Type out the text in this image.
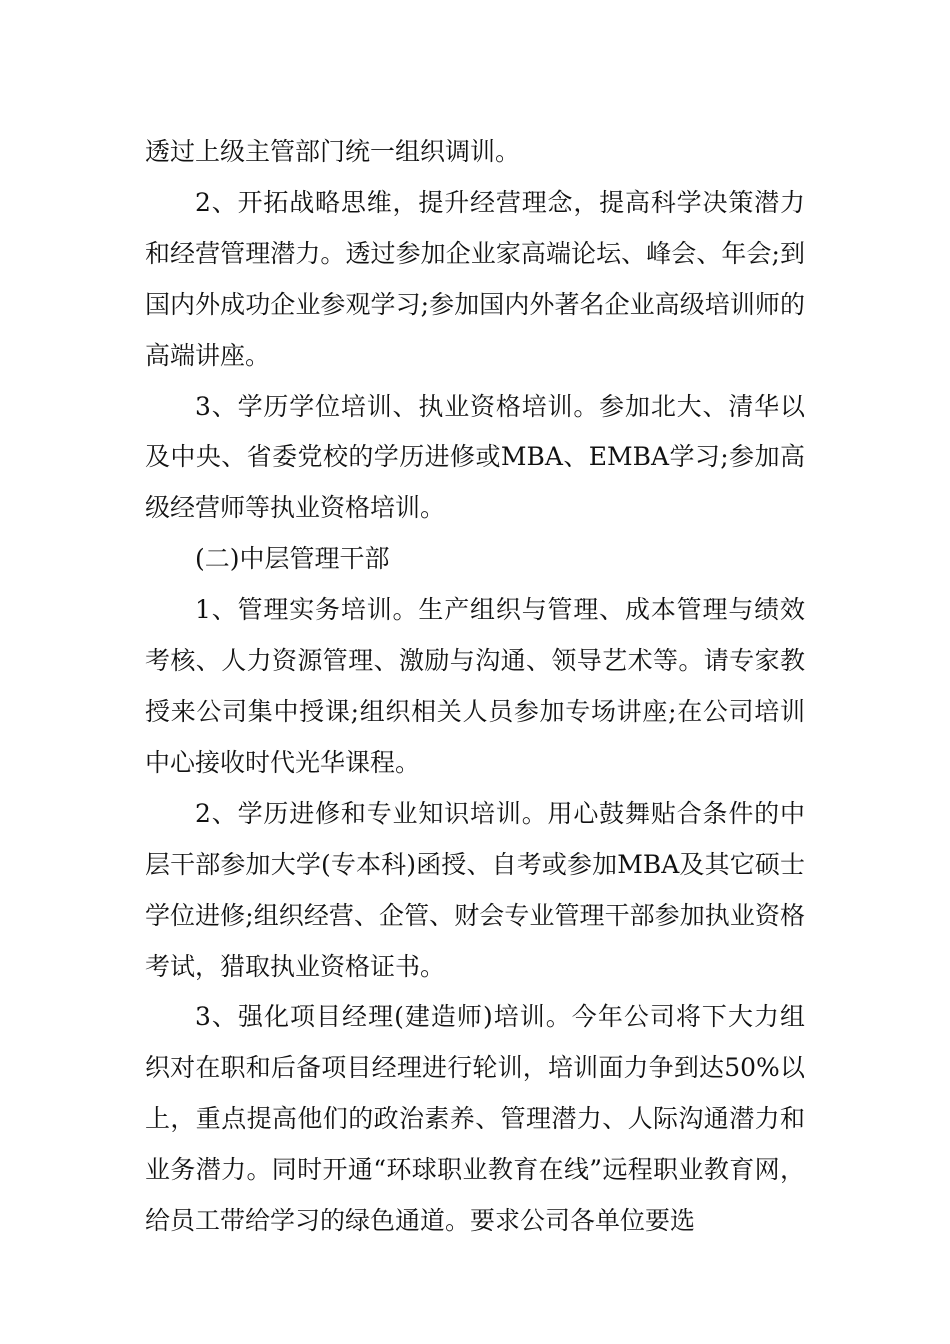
透过上级主管部门统一组织调训。

2、开拓战略思维，提升经营理念，提高科学决策潜力和经营管理潜力。透过参加企业家高端论坛、峰会、年会;到国内外成功企业参观学习;参加国内外著名企业高级培训师的高端讲座。

3、学历学位培训、执业资格培训。参加北大、清华以及中央、省委党校的学历进修或MBA、EMBA学习;参加高级经营师等执业资格培训。

(二)中层管理干部

1、管理实务培训。生产组织与管理、成本管理与绩效考核、人力资源管理、激励与沟通、领导艺术等。请专家教授来公司集中授课;组织相关人员参加专场讲座;在公司培训中心接收时代光华课程。

2、学历进修和专业知识培训。用心鼓舞贴合条件的中层干部参加大学(专本科)函授、自考或参加MBA及其它硕士学位进修;组织经营、企管、财会专业管理干部参加执业资格考试，猎取执业资格证书。

3、强化项目经理(建造师)培训。今年公司将下大力组织对在职和后备项目经理进行轮训，培训面力争到达50%以上，重点提高他们的政治素养、管理潜力、人际沟通潜力和业务潜力。同时开通“环球职业教育在线”远程职业教育网，给员工带给学习的绿色通道。要求公司各单位要选
